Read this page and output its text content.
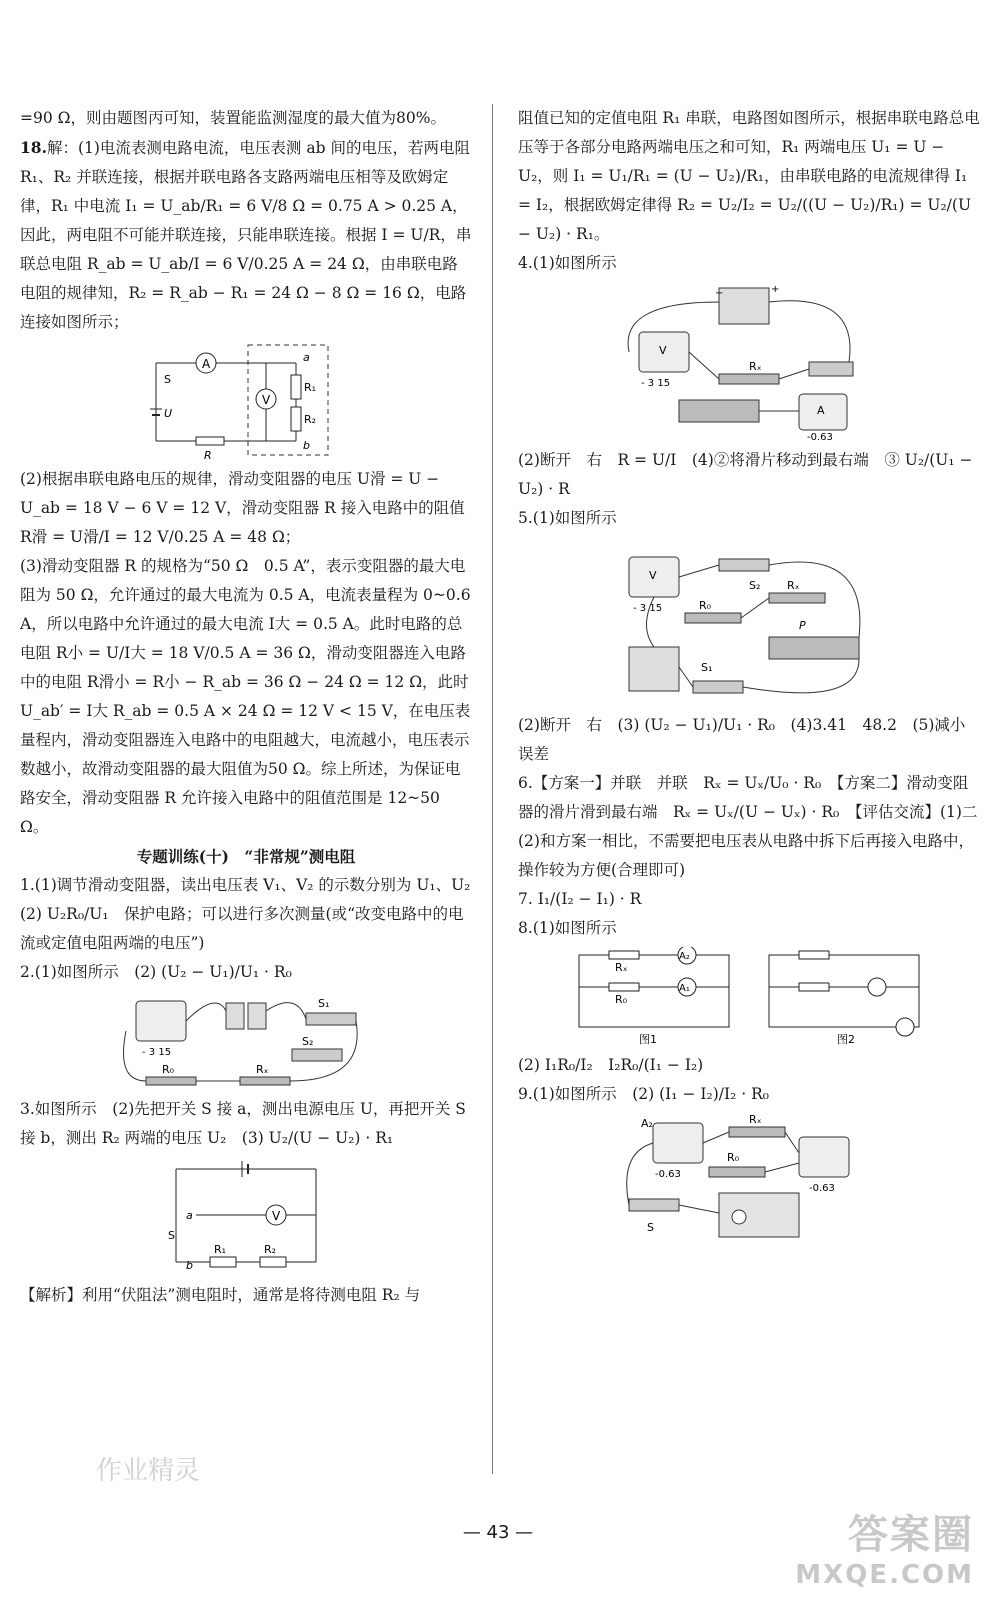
=90 Ω，则由题图丙可知，装置能监测湿度的最大值为80%。

18.解：(1)电流表测电路电流，电压表测 ab 间的电压，若两电阻 R₁、R₂ 并联连接，根据并联电路各支路两端电压相等及欧姆定律，R₁ 中电流 I₁ = U_ab/R₁ = 6 V/8 Ω = 0.75 A > 0.25 A，因此，两电阻不可能并联连接，只能串联连接。根据 I = U/R，串联总电阻 R_ab = U_ab/I = 6 V/0.25 A = 24 Ω，由串联电路电阻的规律知，R₂ = R_ab − R₁ = 24 Ω − 8 Ω = 16 Ω，电路连接如图所示；

A
V
R₁
R₂
a
b
S
U
R

(2)根据串联电路电压的规律，滑动变阻器的电压 U滑 = U − U_ab = 18 V − 6 V = 12 V，滑动变阻器 R 接入电路中的阻值 R滑 = U滑/I = 12 V/0.25 A = 48 Ω；

(3)滑动变阻器 R 的规格为“50 Ω　0.5 A”，表示变阻器的最大电阻为 50 Ω，允许通过的最大电流为 0.5 A，电流表量程为 0~0.6 A，所以电路中允许通过的最大电流 I大 = 0.5 A。此时电路的总电阻 R小 = U/I大 = 18 V/0.5 A = 36 Ω，滑动变阻器连入电路中的电阻 R滑小 = R小 − R_ab = 36 Ω − 24 Ω = 12 Ω，此时 U_ab′ = I大 R_ab = 0.5 A × 24 Ω = 12 V < 15 V，在电压表量程内，滑动变阻器连入电路中的电阻越大，电流越小，电压表示数越小，故滑动变阻器的最大阻值为50 Ω。综上所述，为保证电路安全，滑动变阻器 R 允许接入电路中的阻值范围是 12~50 Ω。

专题训练(十)　“非常规”测电阻

1.(1)调节滑动变阻器，读出电压表 V₁、V₂ 的示数分别为 U₁、U₂　(2) U₂R₀/U₁　保护电路；可以进行多次测量(或“改变电路中的电流或定值电阻两端的电压”)

2.(1)如图所示　(2) (U₂ − U₁)/U₁ · R₀

- 3 15
S₁
S₂
R₀	Rₓ

3.如图所示　(2)先把开关 S 接 a，测出电源电压 U，再把开关 S 接 b，测出 R₂ 两端的电压 U₂　(3) U₂/(U − U₂) · R₁

V
a
S
b
R₁	R₂

【解析】利用“伏阻法”测电阻时，通常是将待测电阻 R₂ 与

阻值已知的定值电阻 R₁ 串联，电路图如图所示，根据串联电路总电压等于各部分电路两端电压之和可知，R₁ 两端电压 U₁ = U − U₂，则 I₁ = U₁/R₁ = (U − U₂)/R₁，由串联电路的电流规律得 I₁ = I₂，根据欧姆定律得 R₂ = U₂/I₂ = U₂/((U − U₂)/R₁) = U₂/(U − U₂) · R₁。

4.(1)如图所示

−	+
V
- 3 15
Rₓ
A
-0.63

(2)断开　右　R = U/I　(4)②将滑片移动到最右端　③ U₂/(U₁ − U₂) · R

5.(1)如图所示

V
- 3 15
S₂ Rₓ
R₀
P
S₁

(2)断开　右　(3) (U₂ − U₁)/U₁ · R₀　(4)3.41　48.2　(5)减小误差

6.【方案一】并联　并联　Rₓ = Uₓ/U₀ · R₀　【方案二】滑动变阻器的滑片滑到最右端　Rₓ = Uₓ/(U − Uₓ) · R₀　【评估交流】(1)二　(2)和方案一相比，不需要把电压表从电路中拆下后再接入电路中，操作较为方便(合理即可)

7. I₁/(I₂ − I₁) · R

8.(1)如图所示

Rₓ
A₂
R₀
A₁
图1	图2

(2) I₁R₀/I₂　I₂R₀/(I₁ − I₂)

9.(1)如图所示　(2) (I₁ − I₂)/I₂ · R₀

A₂
-0.63
Rₓ
R₀
-0.63
S
作业精灵
— 43 —	答案圈
MXQE.COM
